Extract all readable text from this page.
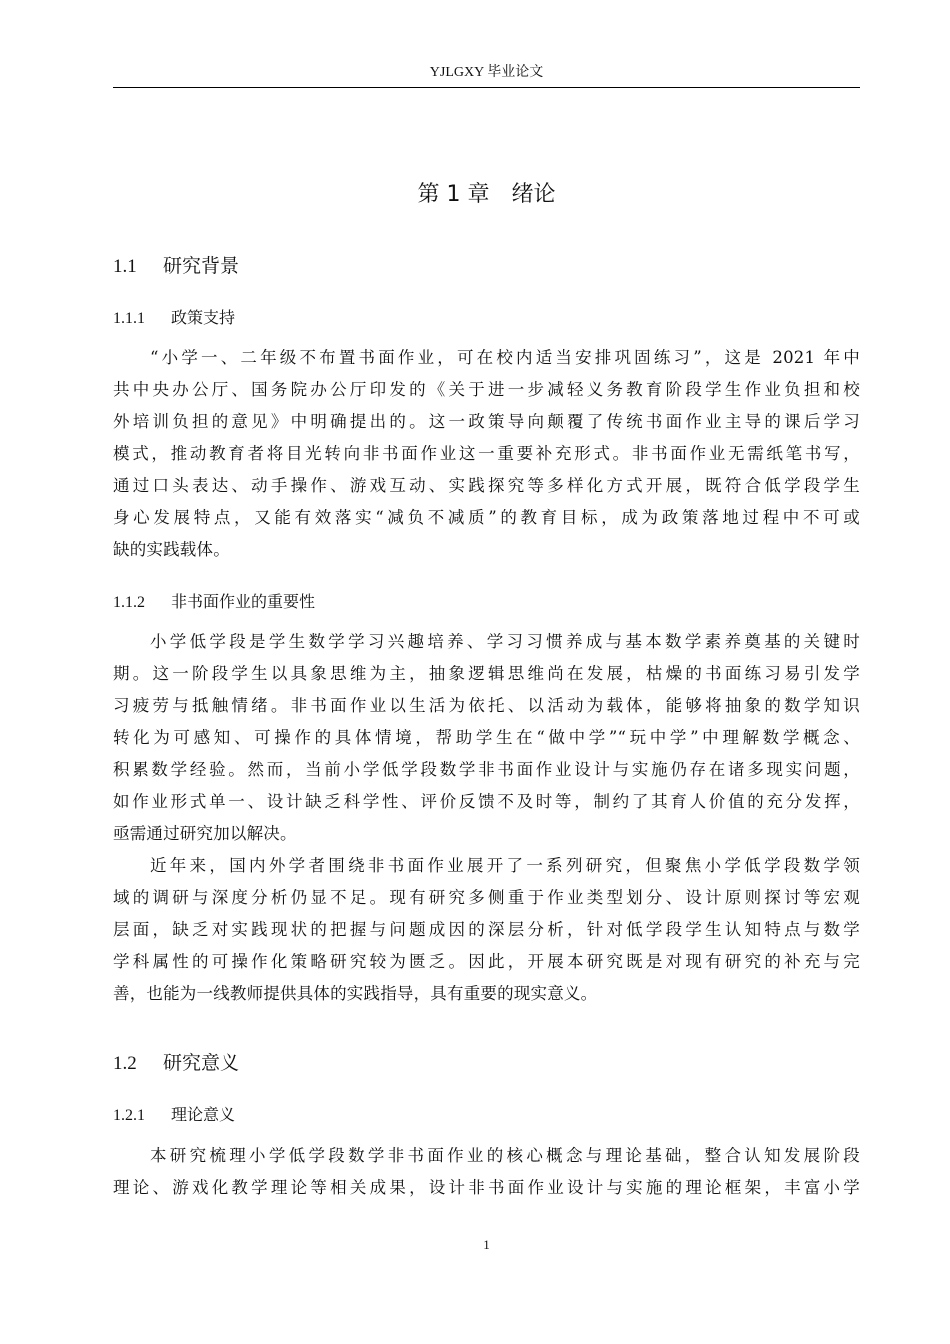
YJLGXY 毕业论文
第 1 章 绪论
1.1 研究背景
1.1.1 政策支持
“小学一、二年级不布置书面作业，可在校内适当安排巩固练习”，这是 2021 年中
共中央办公厅、国务院办公厅印发的《关于进一步减轻义务教育阶段学生作业负担和校
外培训负担的意见》中明确提出的。这一政策导向颠覆了传统书面作业主导的课后学习
模式，推动教育者将目光转向非书面作业这一重要补充形式。非书面作业无需纸笔书写，
通过口头表达、动手操作、游戏互动、实践探究等多样化方式开展，既符合低学段学生
身心发展特点，又能有效落实“减负不减质”的教育目标，成为政策落地过程中不可或
缺的实践载体。
1.1.2 非书面作业的重要性
小学低学段是学生数学学习兴趣培养、学习习惯养成与基本数学素养奠基的关键时
期。这一阶段学生以具象思维为主，抽象逻辑思维尚在发展，枯燥的书面练习易引发学
习疲劳与抵触情绪。非书面作业以生活为依托、以活动为载体，能够将抽象的数学知识
转化为可感知、可操作的具体情境，帮助学生在“做中学”“玩中学”中理解数学概念、
积累数学经验。然而，当前小学低学段数学非书面作业设计与实施仍存在诸多现实问题，
如作业形式单一、设计缺乏科学性、评价反馈不及时等，制约了其育人价值的充分发挥，
亟需通过研究加以解决。
近年来，国内外学者围绕非书面作业展开了一系列研究，但聚焦小学低学段数学领
域的调研与深度分析仍显不足。现有研究多侧重于作业类型划分、设计原则探讨等宏观
层面，缺乏对实践现状的把握与问题成因的深层分析，针对低学段学生认知特点与数学
学科属性的可操作化策略研究较为匮乏。因此，开展本研究既是对现有研究的补充与完
善，也能为一线教师提供具体的实践指导，具有重要的现实意义。
1.2 研究意义
1.2.1 理论意义
本研究梳理小学低学段数学非书面作业的核心概念与理论基础，整合认知发展阶段
理论、游戏化教学理论等相关成果，设计非书面作业设计与实施的理论框架，丰富小学
1
